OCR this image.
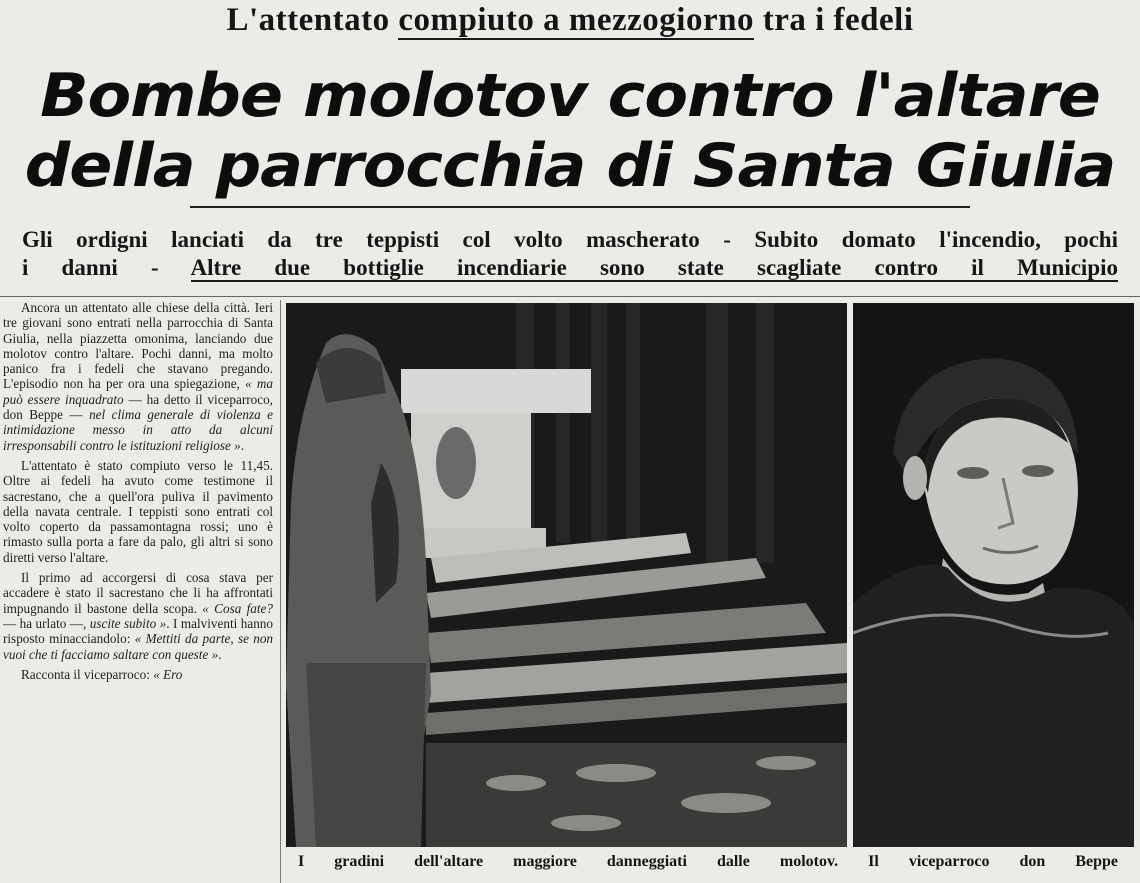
L'attentato compiuto a mezzogiorno tra i fedeli
Bombe molotov contro l'altare
della parrocchia di Santa Giulia
Gli ordigni lanciati da tre teppisti col volto mascherato - Subito domato l'incendio, pochi
i danni - Altre due bottiglie incendiarie sono state scagliate contro il Municipio

Ancora un attentato alle chiese della città. Ieri tre giovani sono entrati nella parrocchia di Santa Giulia, nella piazzetta omonima, lanciando due molotov contro l'altare. Pochi danni, ma molto panico fra i fedeli che stavano pregando. L'episodio non ha per ora una spiegazione, « ma può essere inquadrato — ha detto il viceparroco, don Beppe — nel clima generale di violenza e intimidazione messo in atto da alcuni irresponsabili contro le istituzioni religiose ».

L'attentato è stato compiuto verso le 11,45. Oltre ai fedeli ha avuto come testimone il sacrestano, che a quell'ora puliva il pavimento della navata centrale. I teppisti sono entrati col volto coperto da passamontagna rossi; uno è rimasto sulla porta a fare da palo, gli altri si sono diretti verso l'altare.

Il primo ad accorgersi di cosa stava per accadere è stato il sacrestano che li ha affrontati impugnando il bastone della scopa. « Cosa fate? — ha urlato —, uscite subito ». I malviventi hanno risposto minacciandolo: « Mettiti da parte, se non vuoi che ti facciamo saltare con queste ».

Racconta il viceparroco: « Ero

I gradini dell'altare maggiore danneggiati dalle molotov. Il viceparroco don Beppe
